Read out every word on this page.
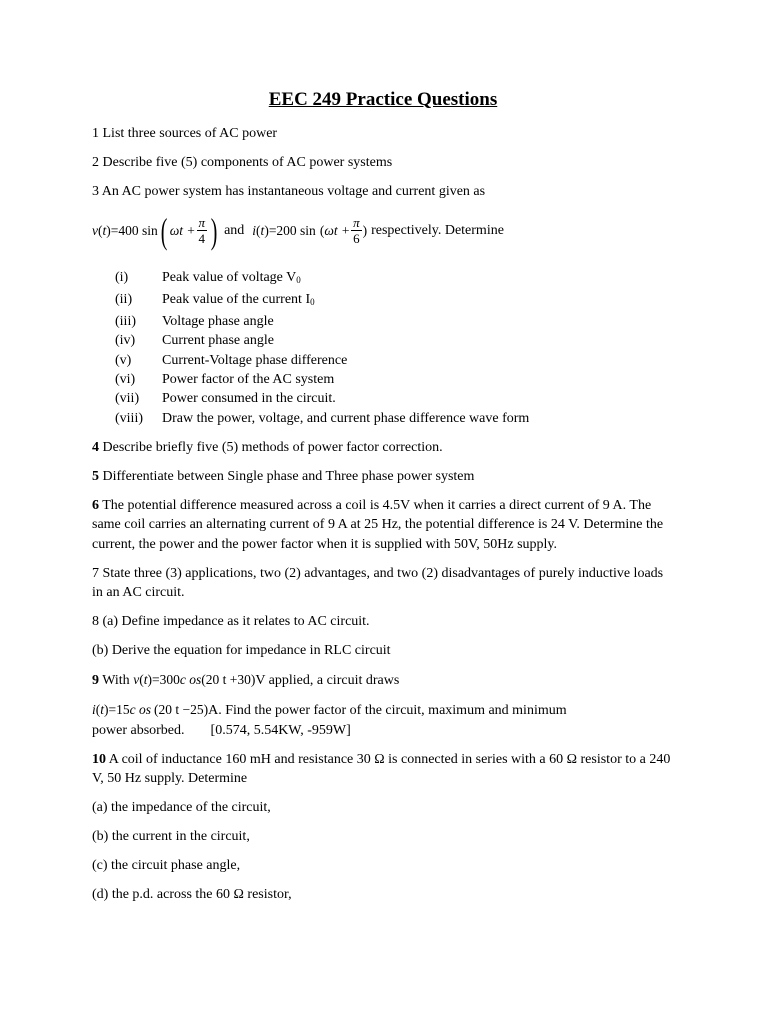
EEC 249 Practice Questions

1 List three sources of AC power

2 Describe five (5) components of AC power systems

3 An AC power system has instantaneous voltage and current given as

v ( t ) =400 sin ( $\omega t + \frac{\pi}{4}$ ) and i ( t ) =200 sin ( $\omega t + \frac{\pi}{6}$ ) respectively. Determine
(i)	Peak value of voltage $V_0$
(ii)	Peak value of the current $I_0$
(iii)	Voltage phase angle
(iv)	Current phase angle
(v)	Current-Voltage phase difference
(vi)	Power factor of the AC system
(vii)	Power consumed in the circuit.
(viii)	Draw the power, voltage, and current phase difference wave form

4 Describe briefly five (5) methods of power factor correction.

5 Differentiate between Single phase and Three phase power system

6 The potential difference measured across a coil is 4.5V when it carries a direct current of 9 A. The same coil carries an alternating current of 9 A at 25 Hz, the potential difference is 24 V. Determine the current, the power and the power factor when it is supplied with 50V, 50Hz supply.

7 State three (3) applications, two (2) advantages, and two (2) disadvantages of purely inductive loads in an AC circuit.

8 (a) Define impedance as it relates to AC circuit.

(b) Derive the equation for impedance in RLC circuit

9 With v(t)=300c os(20 t +30)V applied, a circuit draws

i(t)=15c os (20 t −25)A. Find the power factor of the circuit, maximum and minimum

power absorbed. [0.574, 5.54KW, -959W]

10 A coil of inductance 160 mH and resistance 30 Ω is connected in series with a 60 Ω resistor to a 240 V, 50 Hz supply. Determine

(a) the impedance of the circuit,

(b) the current in the circuit,

(c) the circuit phase angle,

(d) the p.d. across the 60 Ω resistor,
